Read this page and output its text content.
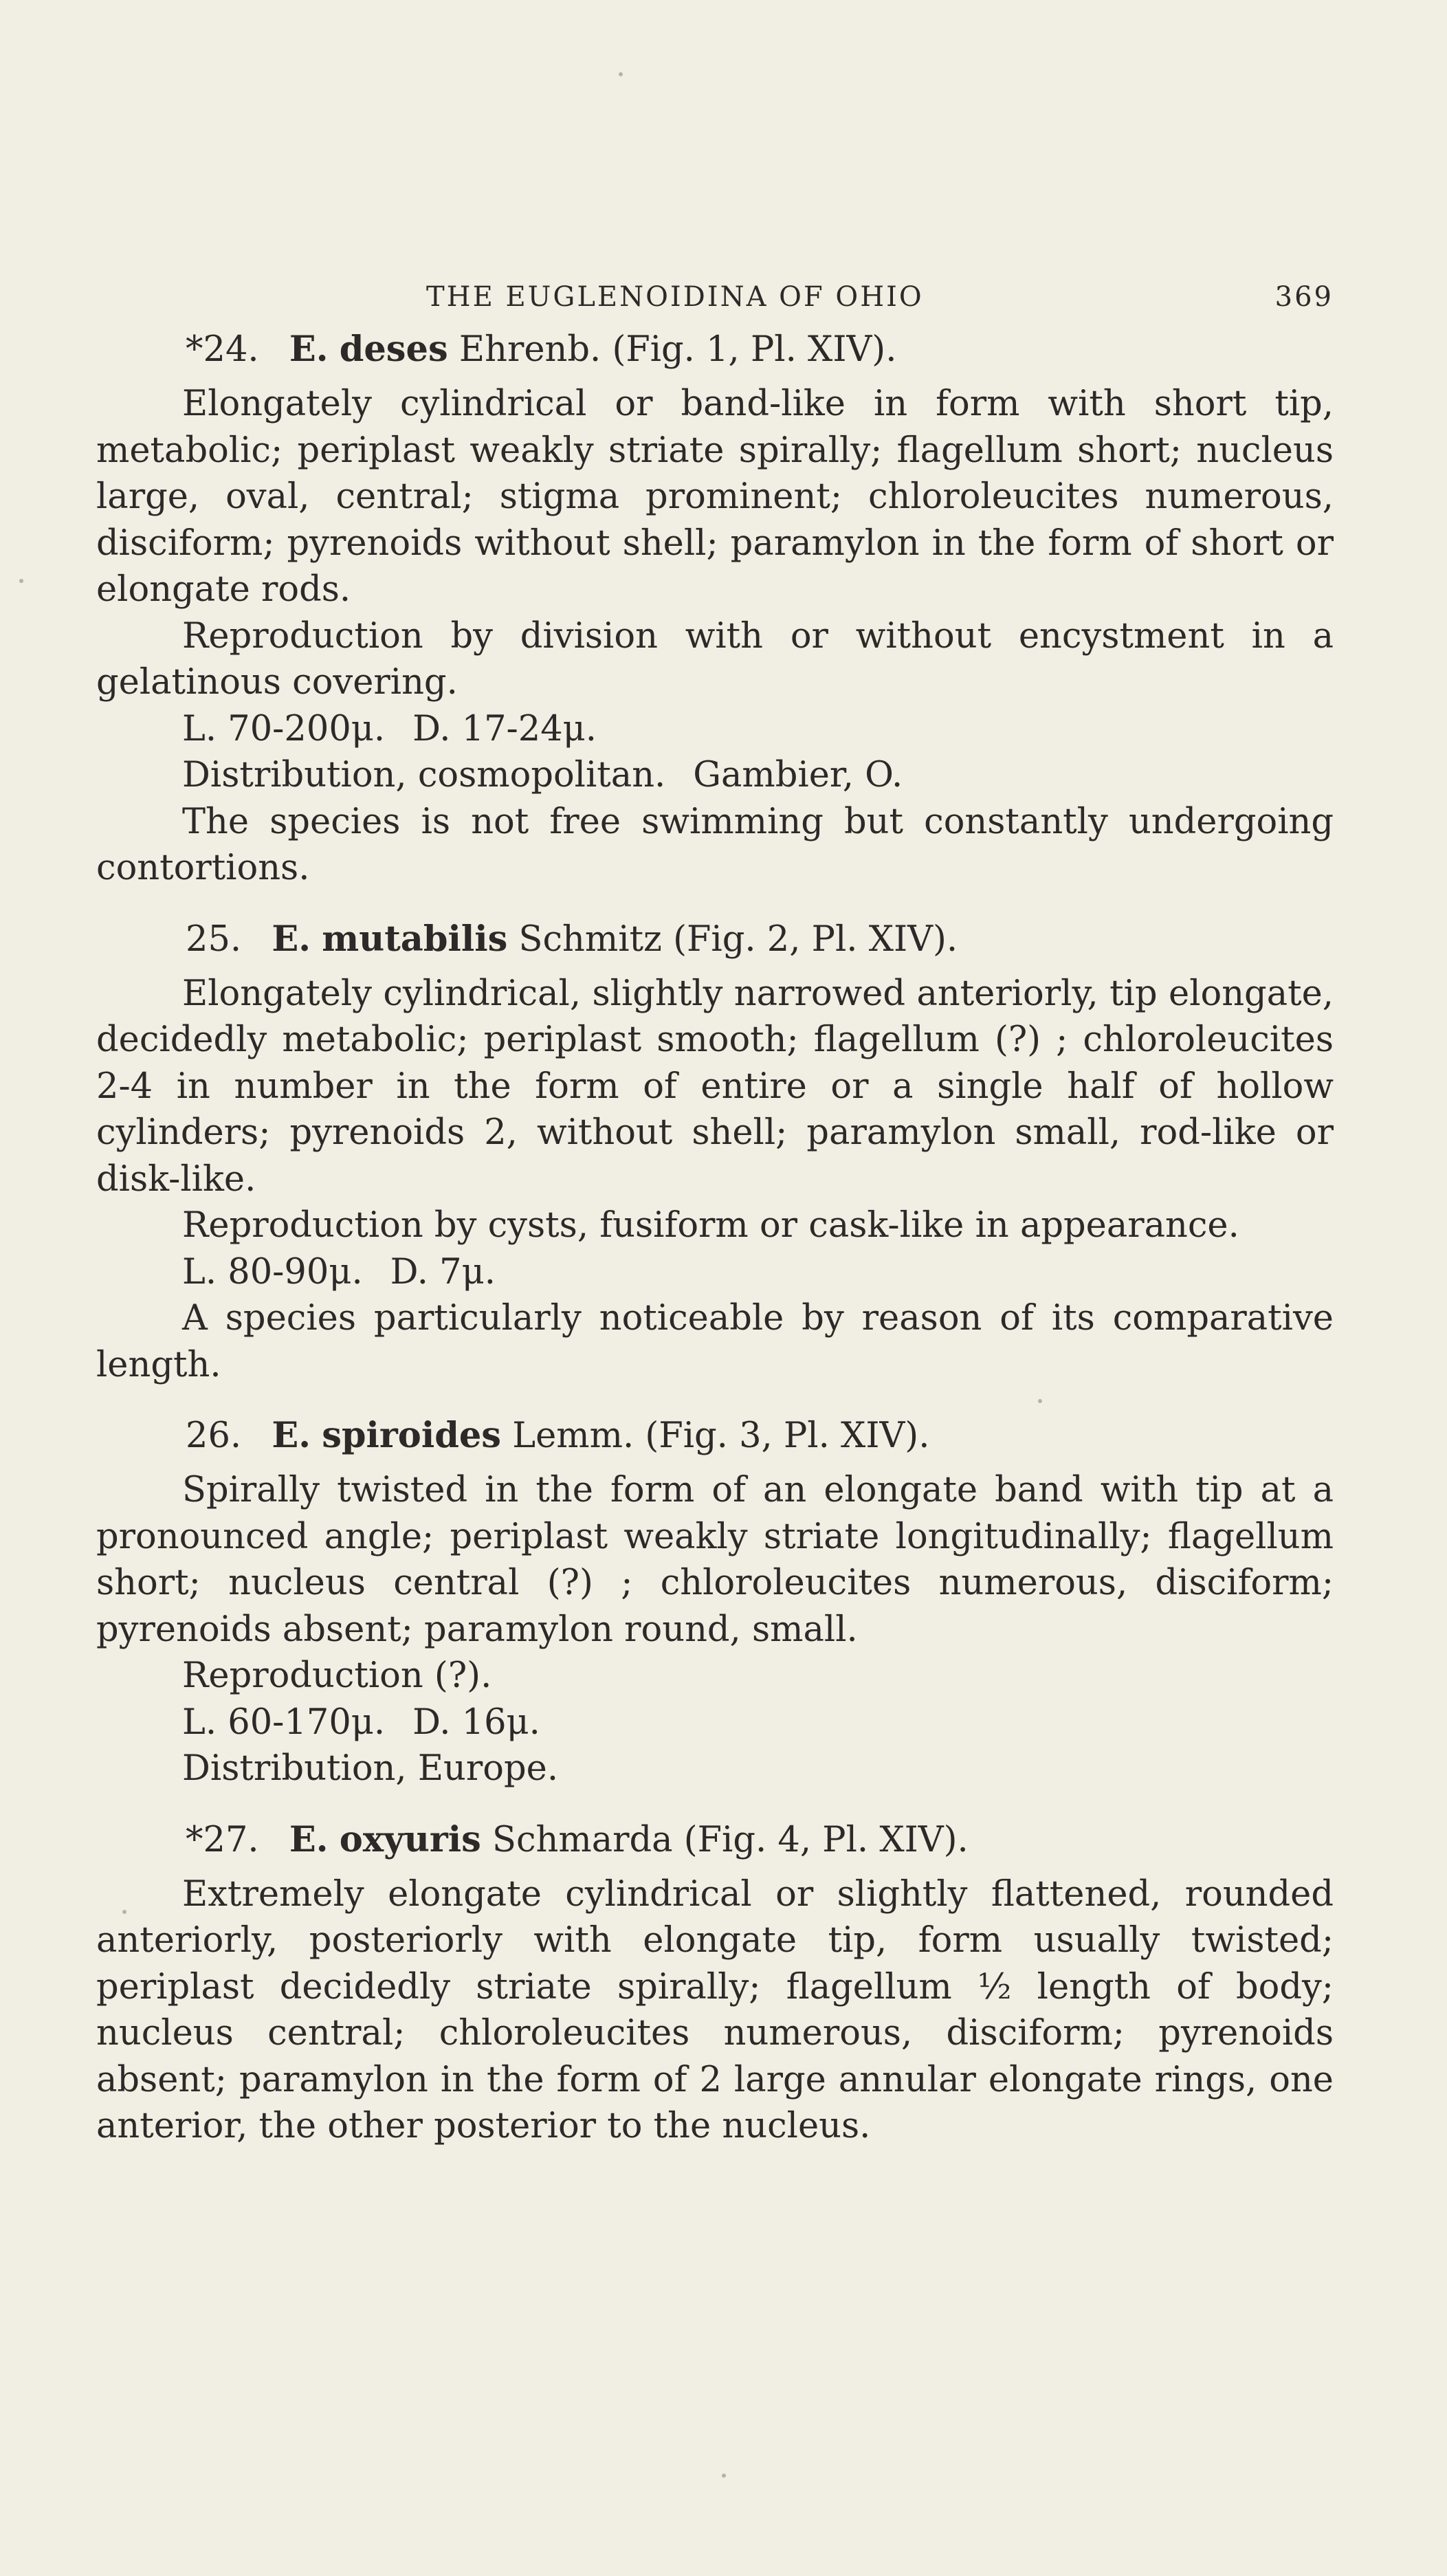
THE EUGLENOIDINA OF OHIO	369
*24. E. deses Ehrenb. (Fig. 1, Pl. XIV).

Elongately cylindrical or band-like in form with short tip, metabolic; periplast weakly striate spirally; flagellum short; nucleus large, oval, central; stigma prominent; chloroleucites numerous, disciform; pyrenoids without shell; paramylon in the form of short or elongate rods.

Reproduction by division with or without encystment in a gelatinous covering.

L. 70-200μ. D. 17-24μ.
Distribution, cosmopolitan. Gambier, O.

The species is not free swimming but constantly undergoing contortions.

25. E. mutabilis Schmitz (Fig. 2, Pl. XIV).

Elongately cylindrical, slightly narrowed anteriorly, tip elongate, decidedly metabolic; periplast smooth; flagellum (?) ; chloroleucites 2-4 in number in the form of entire or a single half of hollow cylinders; pyrenoids 2, without shell; paramylon small, rod-like or disk-like.

Reproduction by cysts, fusiform or cask-like in appearance.

L. 80-90μ. D. 7μ.

A species particularly noticeable by reason of its comparative length.

26. E. spiroides Lemm. (Fig. 3, Pl. XIV).

Spirally twisted in the form of an elongate band with tip at a pronounced angle; periplast weakly striate longitudinally; flagellum short; nucleus central (?) ; chloroleucites numerous, disciform; pyrenoids absent; paramylon round, small.

Reproduction (?).
L. 60-170μ. D. 16μ.
Distribution, Europe.
*27. E. oxyuris Schmarda (Fig. 4, Pl. XIV).

Extremely elongate cylindrical or slightly flattened, rounded anteriorly, posteriorly with elongate tip, form usually twisted; periplast decidedly striate spirally; flagellum ½ length of body; nucleus central; chloroleucites numerous, disciform; pyrenoids absent; paramylon in the form of 2 large annular elongate rings, one anterior, the other posterior to the nucleus.
